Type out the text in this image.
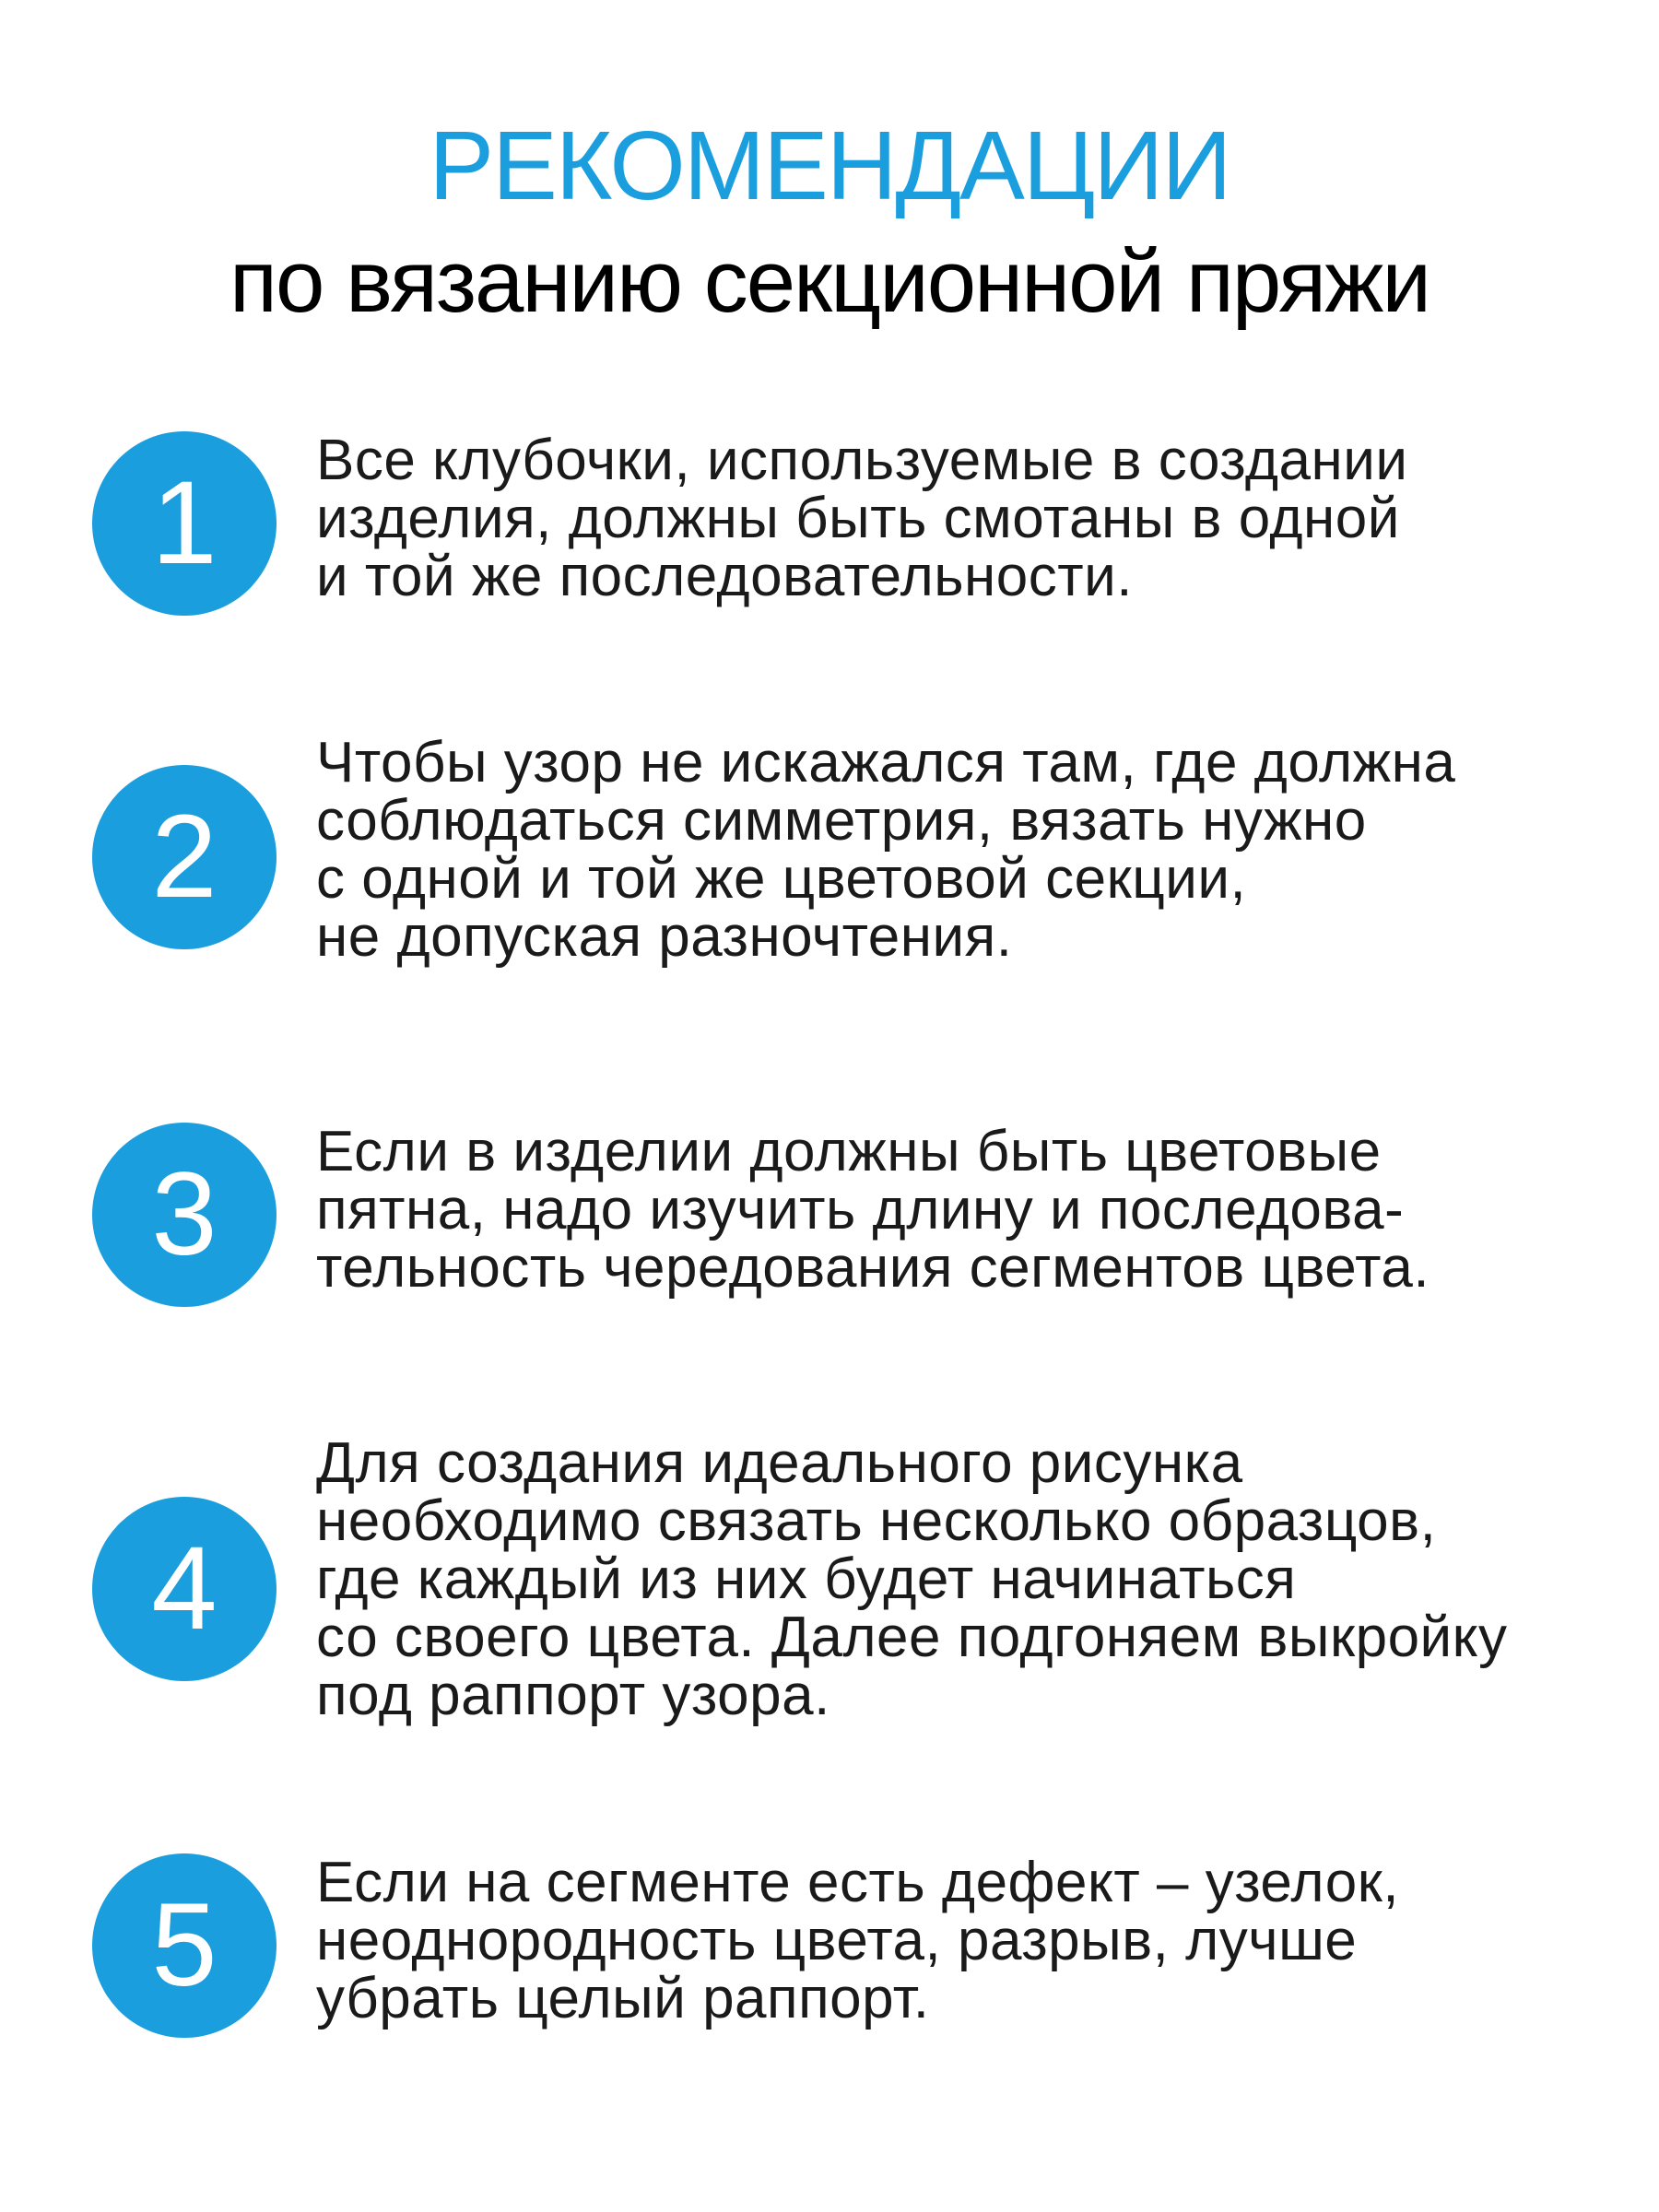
РЕКОМЕНДАЦИИ
по вязанию секционной пряжи
1	Все клубочки, используемые в создании
изделия, должны быть смотаны в одной
и той же последовательности.
2
Чтобы узор не искажался там, где должна
соблюдаться симметрия, вязать нужно
с одной и той же цветовой секции,
не допуская разночтения.
3	Если в изделии должны быть цветовые
пятна, надо изучить длину и последова-
тельность чередования сегментов цвета.
4
Для создания идеального рисунка
необходимо связать несколько образцов,
где каждый из них будет начинаться
со своего цвета. Далее подгоняем выкройку
под раппорт узора.
5	Если на сегменте есть дефект – узелок,
неоднородность цвета, разрыв, лучше
убрать целый раппорт.
